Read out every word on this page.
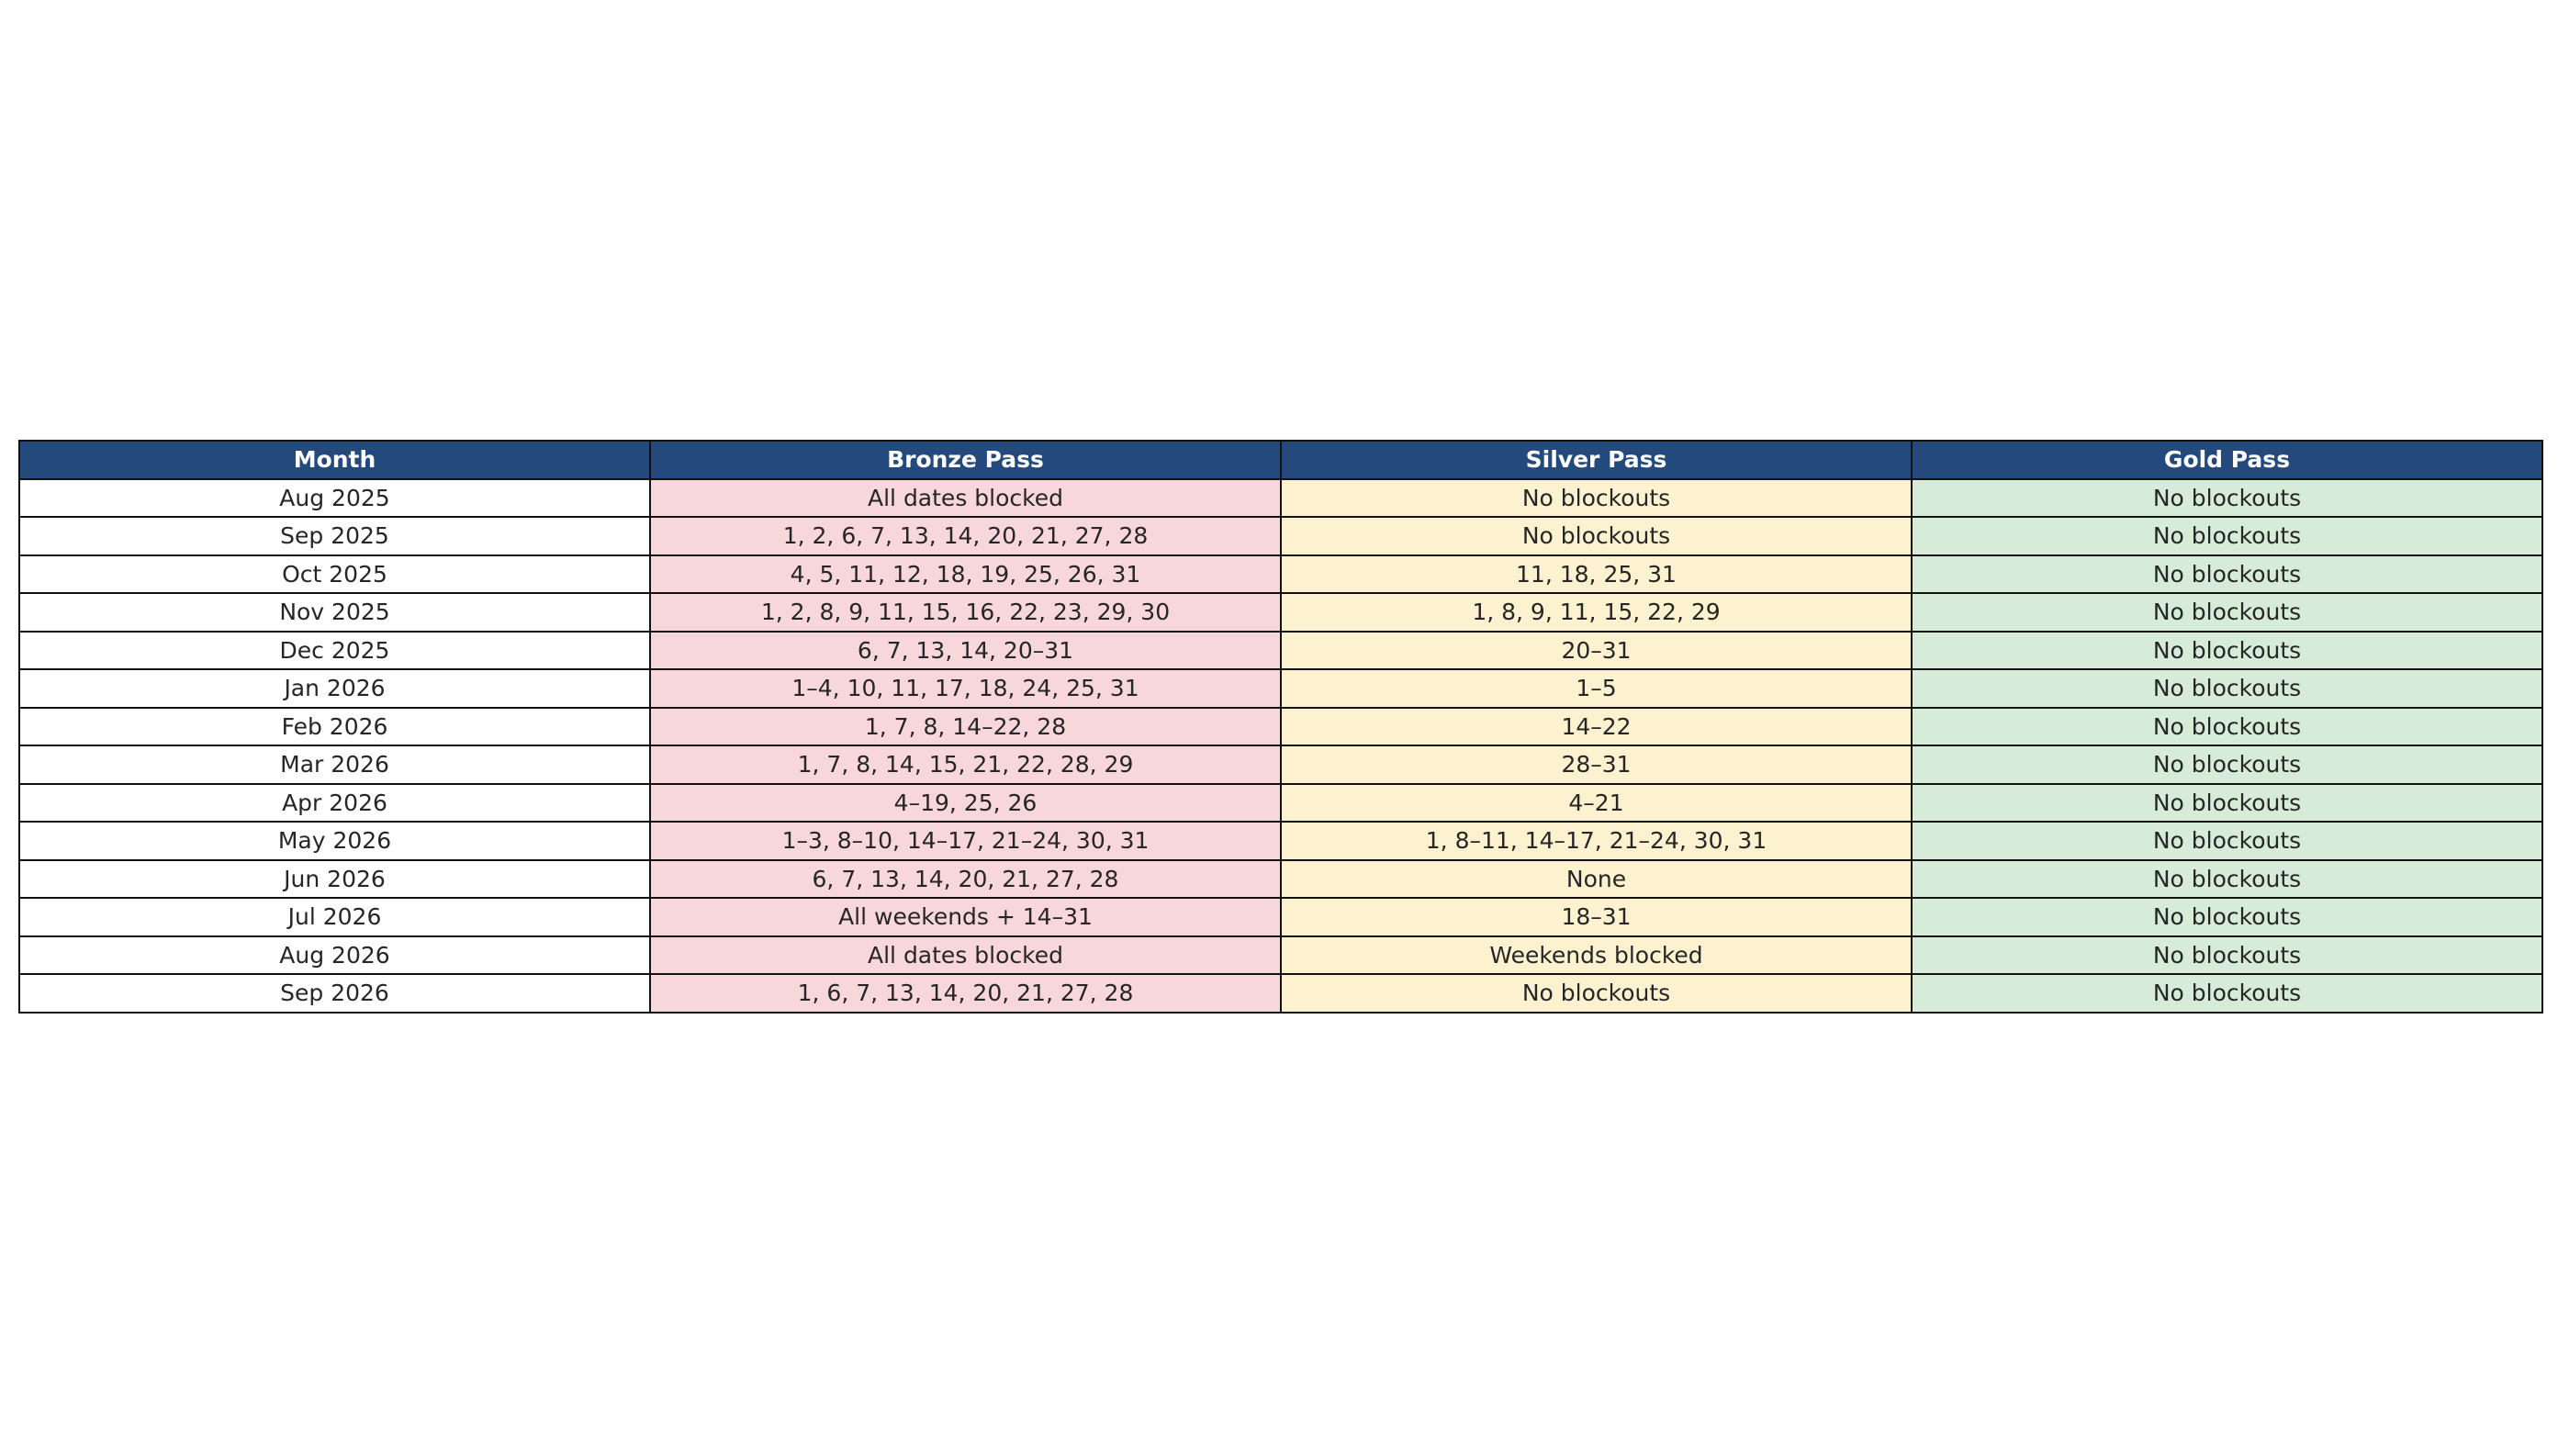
Month	Bronze Pass	Silver Pass	Gold Pass
Aug 2025	All dates blocked	No blockouts	No blockouts
Sep 2025	1, 2, 6, 7, 13, 14, 20, 21, 27, 28	No blockouts	No blockouts
Oct 2025	4, 5, 11, 12, 18, 19, 25, 26, 31	11, 18, 25, 31	No blockouts
Nov 2025	1, 2, 8, 9, 11, 15, 16, 22, 23, 29, 30	1, 8, 9, 11, 15, 22, 29	No blockouts
Dec 2025	6, 7, 13, 14, 20–31	20–31	No blockouts
Jan 2026	1–4, 10, 11, 17, 18, 24, 25, 31	1–5	No blockouts
Feb 2026	1, 7, 8, 14–22, 28	14–22	No blockouts
Mar 2026	1, 7, 8, 14, 15, 21, 22, 28, 29	28–31	No blockouts
Apr 2026	4–19, 25, 26	4–21	No blockouts
May 2026	1–3, 8–10, 14–17, 21–24, 30, 31	1, 8–11, 14–17, 21–24, 30, 31	No blockouts
Jun 2026	6, 7, 13, 14, 20, 21, 27, 28	None	No blockouts
Jul 2026	All weekends + 14–31	18–31	No blockouts
Aug 2026	All dates blocked	Weekends blocked	No blockouts
Sep 2026	1, 6, 7, 13, 14, 20, 21, 27, 28	No blockouts	No blockouts
